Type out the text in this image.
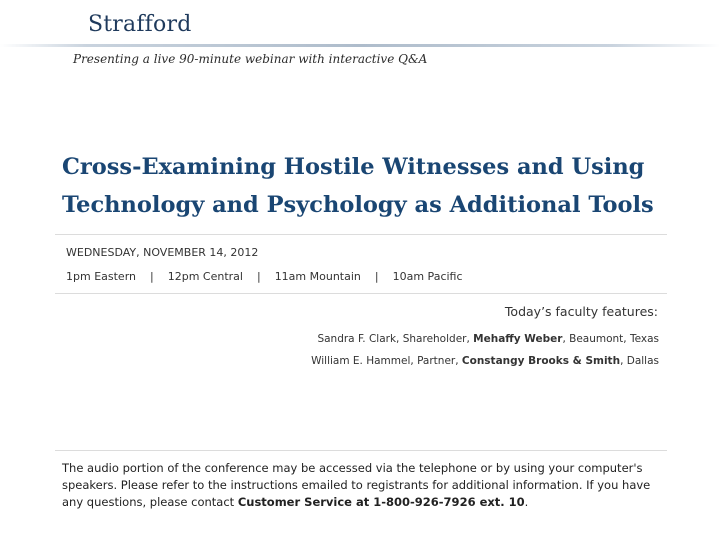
Strafford
Presenting a live 90-minute webinar with interactive Q&A
Cross-Examining Hostile Witnesses and Using
Technology and Psychology as Additional Tools
WEDNESDAY, NOVEMBER 14, 2012
1pm Eastern | 12pm Central | 11am Mountain | 10am Pacific
Today’s faculty features:
Sandra F. Clark, Shareholder, Mehaffy Weber, Beaumont, Texas
William E. Hammel, Partner, Constangy Brooks & Smith, Dallas
The audio portion of the conference may be accessed via the telephone or by using your computer's speakers. Please refer to the instructions emailed to registrants for additional information. If you have any questions, please contact Customer Service at 1-800-926-7926 ext. 10.
